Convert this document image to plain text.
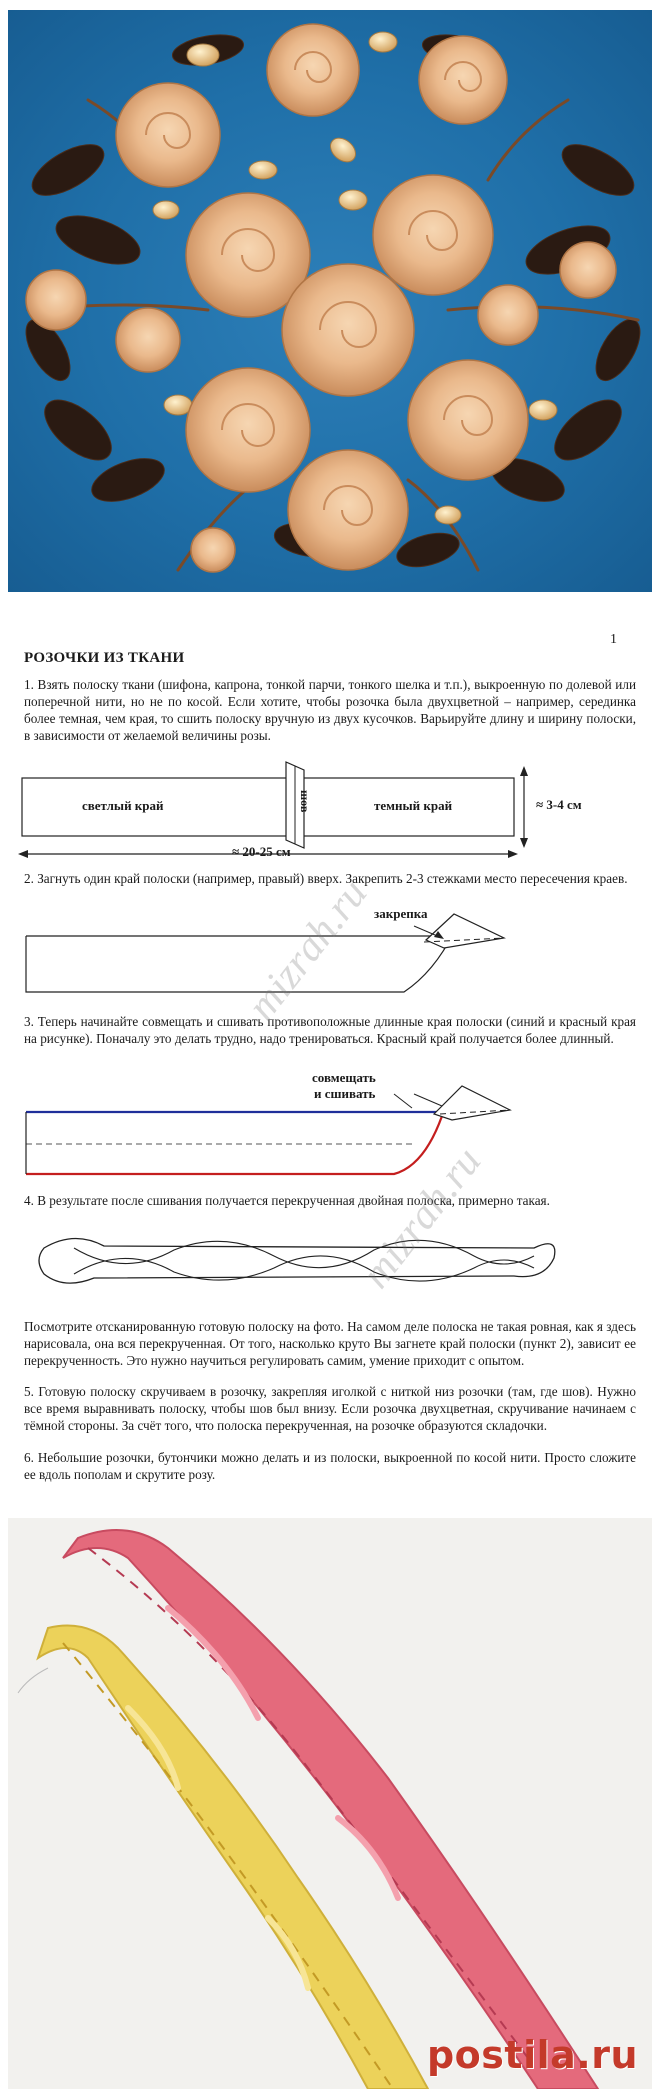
1
РОЗОЧКИ ИЗ ТКАНИ
1. Взять полоску ткани (шифона, капрона, тонкой парчи, тонкого шелка и т.п.), выкроенную по долевой или поперечной нити, но не по косой. Если хотите, чтобы розочка была двухцветной – например, серединка более темная, чем края, то сшить полоску вручную из двух кусочков. Варьируйте длину и ширину полоски, в зависимости от желаемой величины розы.
светлый край	шов	темный край	≈ 3-4 см
≈ 20-25 см
2. Загнуть один край полоски (например, правый) вверх. Закрепить 2-3 стежками место пересечения краев.
закрепка
3. Теперь начинайте совмещать и сшивать противоположные длинные края полоски (синий и красный края на рисунке). Поначалу это делать трудно, надо тренироваться. Красный край получается более длинный.
совмещать
и сшивать
4. В результате после сшивания получается перекрученная двойная полоска, примерно такая.
Посмотрите отсканированную готовую полоску на фото. На самом деле полоска не такая ровная, как я здесь нарисовала, она вся перекрученная. От того, насколько круто Вы загнете край полоски (пункт 2), зависит ее перекрученность. Это нужно научиться регулировать самим, умение приходит с опытом.
5. Готовую полоску скручиваем в розочку, закрепляя иголкой с ниткой низ розочки (там, где шов). Нужно все время выравнивать полоску, чтобы шов был внизу. Если розочка двухцветная, скручивание начинаем с тёмной стороны. За счёт того, что полоска перекрученная, на розочке образуются складочки.
6. Небольшие розочки, бутончики можно делать и из полоски, выкроенной по косой нити. Просто сложите ее вдоль пополам и скрутите розу.
mizrah.ru
mizrah.ru
postila.ru
